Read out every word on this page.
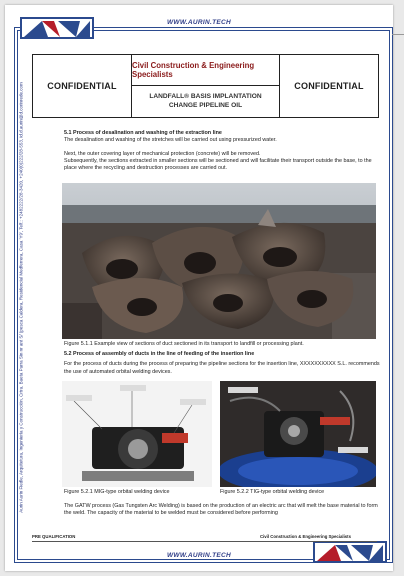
WWW.AURIN.TECH
WWW.AURIN.TECH
Aurin Aurin Fiedle, Arquitetura, Ingeniería y Construcción, Crtra. Baeta Parra Sin nr ant S/ (pesca Caldera, Residencial Medferrera, Casa 'Y9', Telf.: +2482222/28-3420, +240(0)222/28-553, id.d.aurin@d.corinrede.com	CONFIDENTIAL
Civil Construction & Engineering Specialists
LANDFALL® BASIS IMPLANTATION
CHANGE PIPELINE OIL
CONFIDENTIAL
5.1 Process of desalination and washing of the extraction line
The desalination and washing of the stretches will be carried out using pressurized water.
Next, the outer covering layer of mechanical protection (concrete) will be removed.
Subsequently, the sections extracted in smaller sections will be sectioned and will facilitate their transport outside the base, to the place where the recycling and destruction processes are carried out.
Figure 5.1.1 Example view of sections of duct sectioned in its transport to landfill or processing plant.
5.2 Process of assembly of ducts in the line of feeding of the insertion line
For the process of ducts during the process of preparing the pipeline sections for the insertion line, XXXXXXXXXX S.L. recommends the use of automated orbital welding devices.
Figure 5.2.1 MIG-type orbital welding device	Figure 5.2.2 TIG-type orbital welding device
The GATW process (Gas Tungsten Arc Welding) is based on the production of an electric arc that will melt the base material to form the weld. The capacity of the material to be welded must be considered before performing
PRE QUALIFICATION	Civil Construction & Engineering Specialists
